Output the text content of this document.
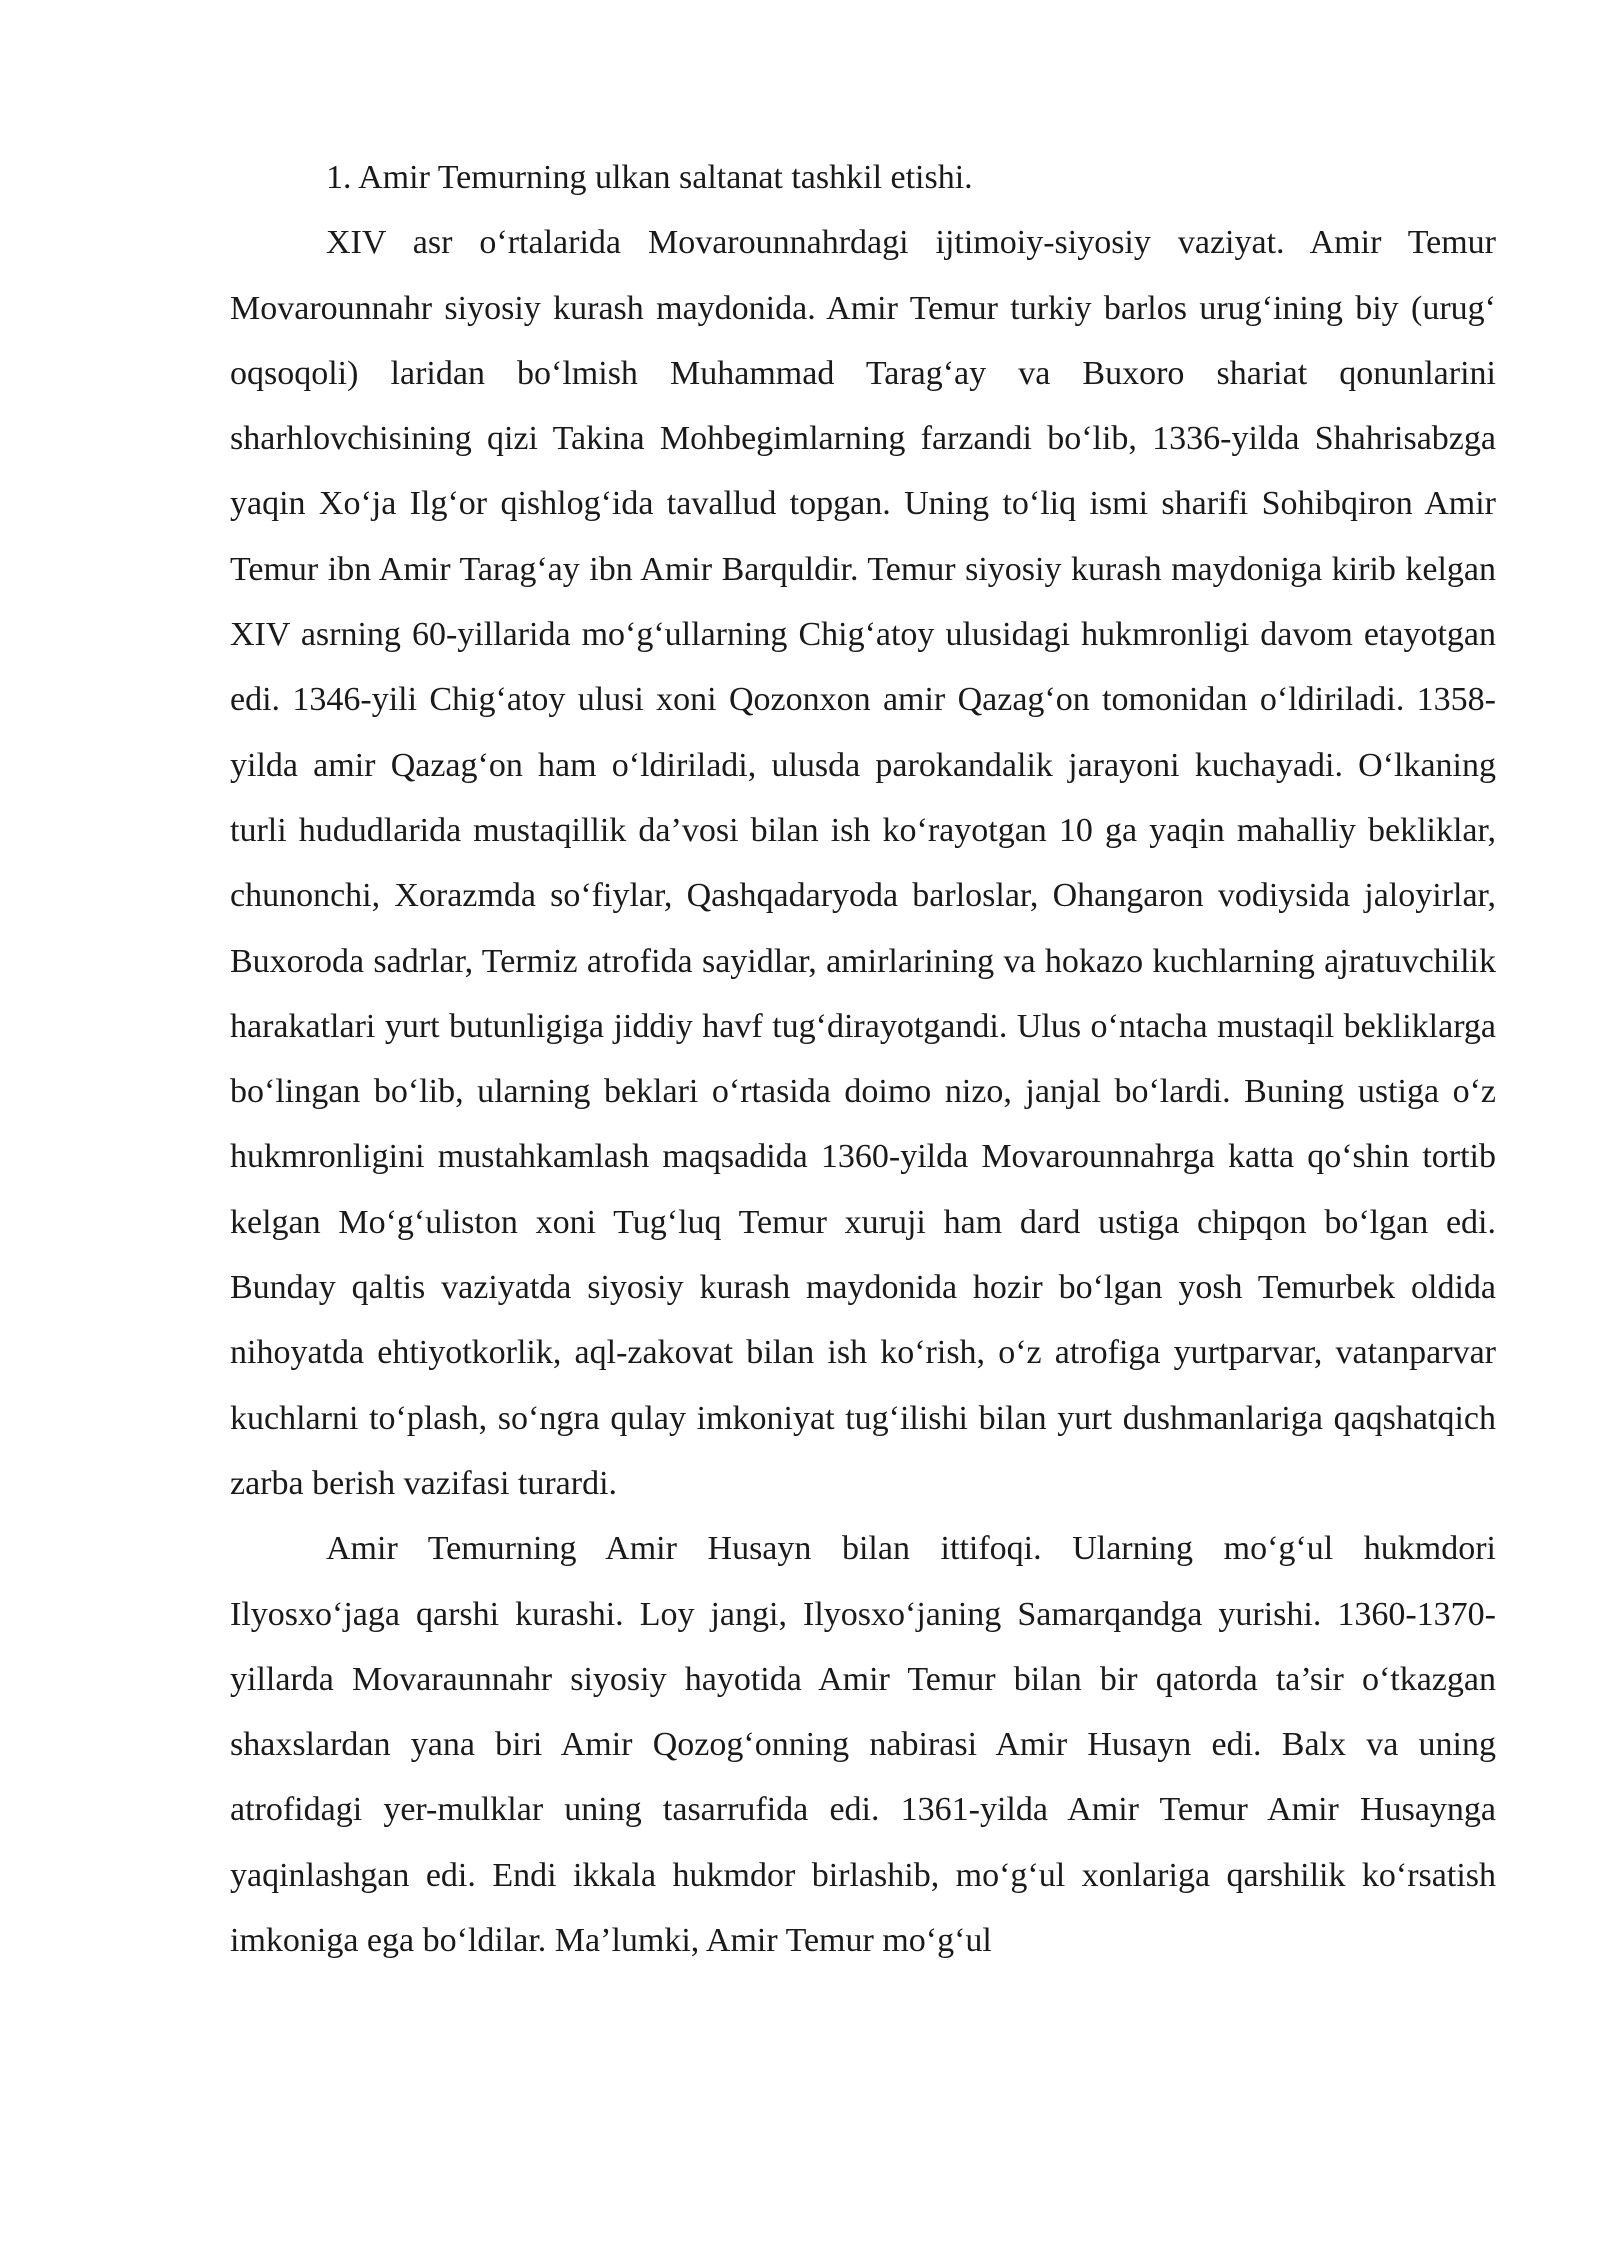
1. Amir Temurning ulkan saltanat tashkil etishi.

XIV asr o‘rtalarida Movarounnahrdagi ijtimoiy-siyosiy vaziyat. Amir Temur Movarounnahr siyosiy kurash maydonida. Amir Temur turkiy barlos urug‘ining biy (urug‘ oqsoqoli) laridan bo‘lmish Muhammad Tarag‘ay va Buxoro shariat qonunlarini sharhlovchisining qizi Takina Mohbegimlarning farzandi bo‘lib, 1336-yilda Shahrisabzga yaqin Xo‘ja Ilg‘or qishlog‘ida tavallud topgan. Uning to‘liq ismi sharifi Sohibqiron Amir Temur ibn Amir Tarag‘ay ibn Amir Barquldir. Temur siyosiy kurash maydoniga kirib kelgan XIV asrning 60-yillarida mo‘g‘ullarning Chig‘atoy ulusidagi hukmronligi davom etayotgan edi. 1346-yili Chig‘atoy ulusi xoni Qozonxon amir Qazag‘on tomonidan o‘ldiriladi. 1358-yilda amir Qazag‘on ham o‘ldiriladi, ulusda parokandalik jarayoni kuchayadi. O‘lkaning turli hududlarida mustaqillik da’vosi bilan ish ko‘rayotgan 10 ga yaqin mahalliy bekliklar, chunonchi, Xorazmda so‘fiylar, Qashqadaryoda barloslar, Ohangaron vodiysida jaloyirlar, Buxoroda sadrlar, Termiz atrofida sayidlar, amirlarining va hokazo kuchlarning ajratuvchilik harakatlari yurt butunligiga jiddiy havf tug‘dirayotgandi. Ulus o‘ntacha mustaqil bekliklarga bo‘lingan bo‘lib, ularning beklari o‘rtasida doimo nizo, janjal bo‘lardi. Buning ustiga o‘z hukmronligini mustahkamlash maqsadida 1360-yilda Movarounnahrga katta qo‘shin tortib kelgan Mo‘g‘uliston xoni Tug‘luq Temur xuruji ham dard ustiga chipqon bo‘lgan edi. Bunday qaltis vaziyatda siyosiy kurash maydonida hozir bo‘lgan yosh Temurbek oldida nihoyatda ehtiyotkorlik, aql-zakovat bilan ish ko‘rish, o‘z atrofiga yurtparvar, vatanparvar kuchlarni to‘plash, so‘ngra qulay imkoniyat tug‘ilishi bilan yurt dushmanlariga qaqshatqich zarba berish vazifasi turardi.

Amir Temurning Amir Husayn bilan ittifoqi. Ularning mo‘g‘ul hukmdori Ilyosxo‘jaga qarshi kurashi. Loy jangi, Ilyosxo‘janing Samarqandga yurishi. 1360-1370-yillarda Movaraunnahr siyosiy hayotida Amir Temur bilan bir qatorda ta’sir o‘tkazgan shaxslardan yana biri Amir Qozog‘onning nabirasi Amir Husayn edi. Balx va uning atrofidagi yer-mulklar uning tasarrufida edi. 1361-yilda Amir Temur Amir Husaynga yaqinlashgan edi. Endi ikkala hukmdor birlashib, mo‘g‘ul xonlariga qarshilik ko‘rsatish imkoniga ega bo‘ldilar. Ma’lumki, Amir Temur mo‘g‘ul
